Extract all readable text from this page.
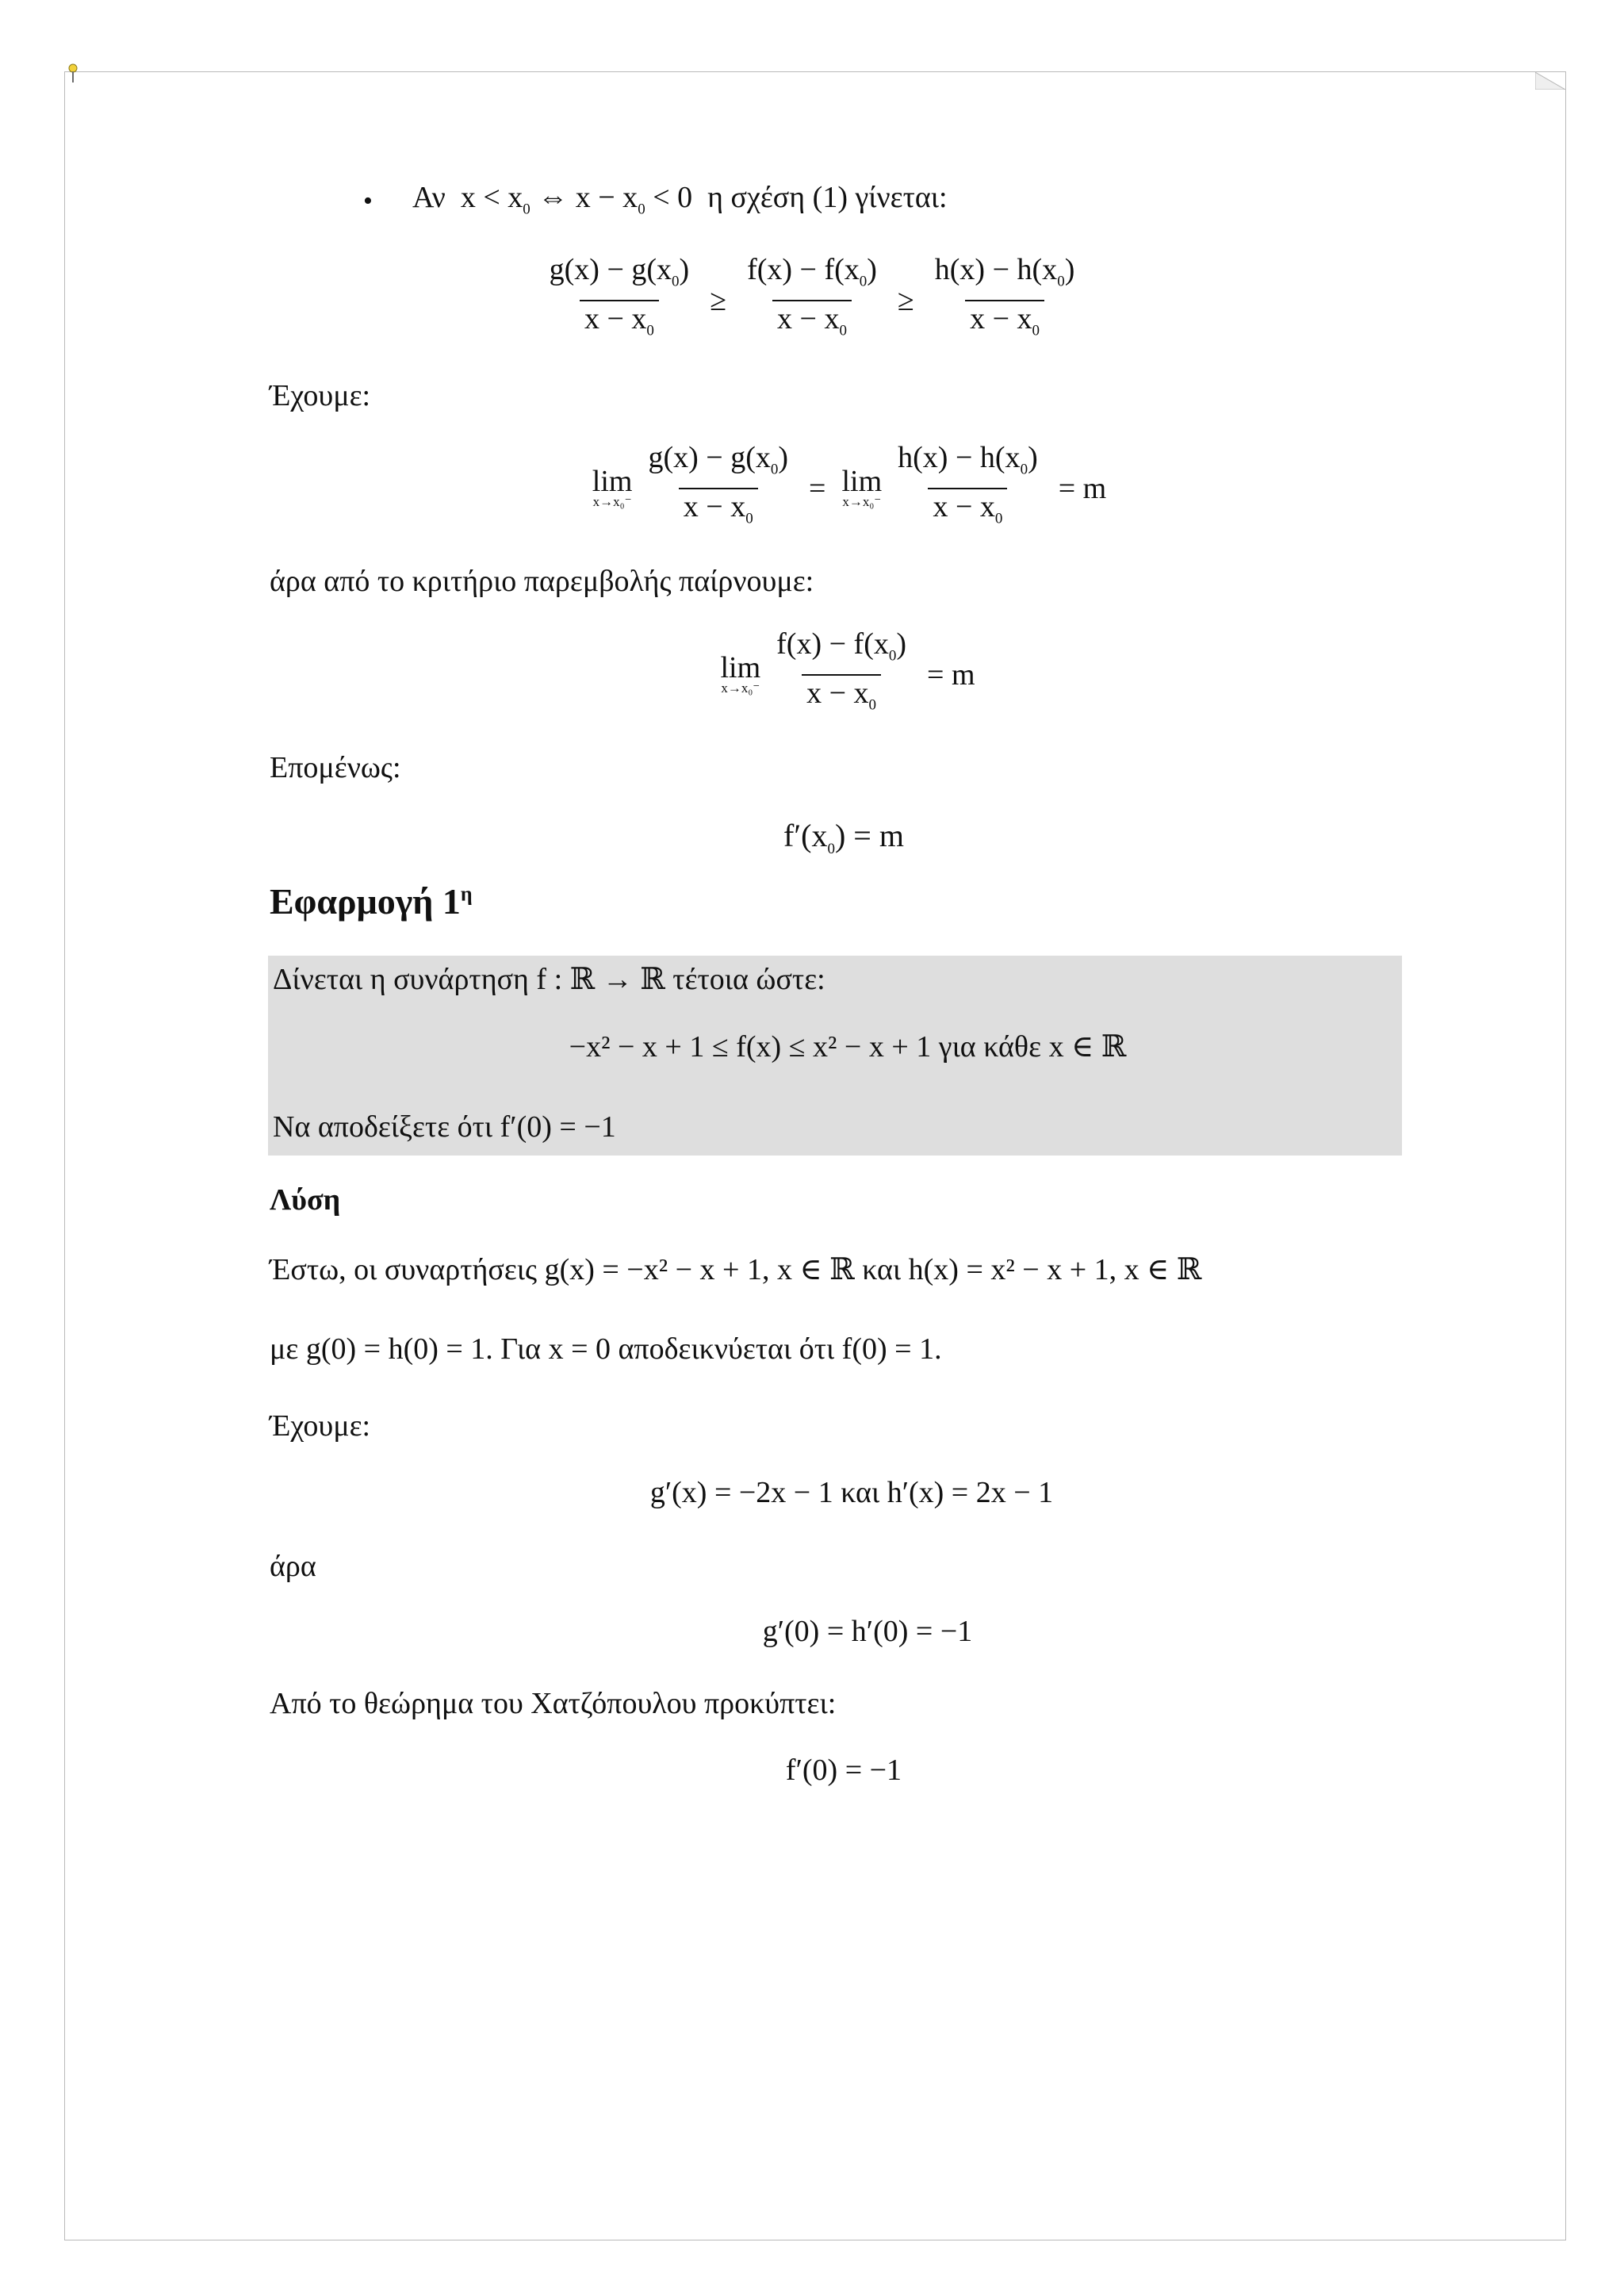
• Αν $x < x_0$ ⇔ $x - x_0 < 0$ η σχέση (1) γίνεται:
$\frac{g(x) - g(x_0)}{x - x_0} \ge \frac{f(x) - f(x_0)}{x - x_0} \ge \frac{h(x) - h(x_0)}{x - x_0}$
Έχουμε:
lim
$x\to x_0^- \frac{g(x) - g(x_0)}{x - x_0} = \lim$
$x\to x_0^- \frac{h(x) - h(x_0)}{x - x_0} = m$
άρα από το κριτήριο παρεμβολής παίρνουμε:
lim
$x\to x_0^- \frac{f(x) - f(x_0)}{x - x_0} = m$
Επομένως:
$f'(x_0) = m$
Εφαρμογή $1^\eta$
Δίνεται η συνάρτηση f : ℝ → ℝ τέτοια ώστε:
−x² − x + 1 ≤ f(x) ≤ x² − x + 1 για κάθε x ∈ ℝ
Να αποδείξετε ότι f′(0) = −1
Λύση
Έστω, οι συναρτήσεις g(x) = −x² − x + 1, x ∈ ℝ και h(x) = x² − x + 1, x ∈ ℝ
με g(0) = h(0) = 1. Για x = 0 αποδεικνύεται ότι f(0) = 1.
Έχουμε:
g′(x) = −2x − 1 και h′(x) = 2x − 1
άρα
g′(0) = h′(0) = −1
Από το θεώρημα του Χατζόπουλου προκύπτει:
f′(0) = −1
